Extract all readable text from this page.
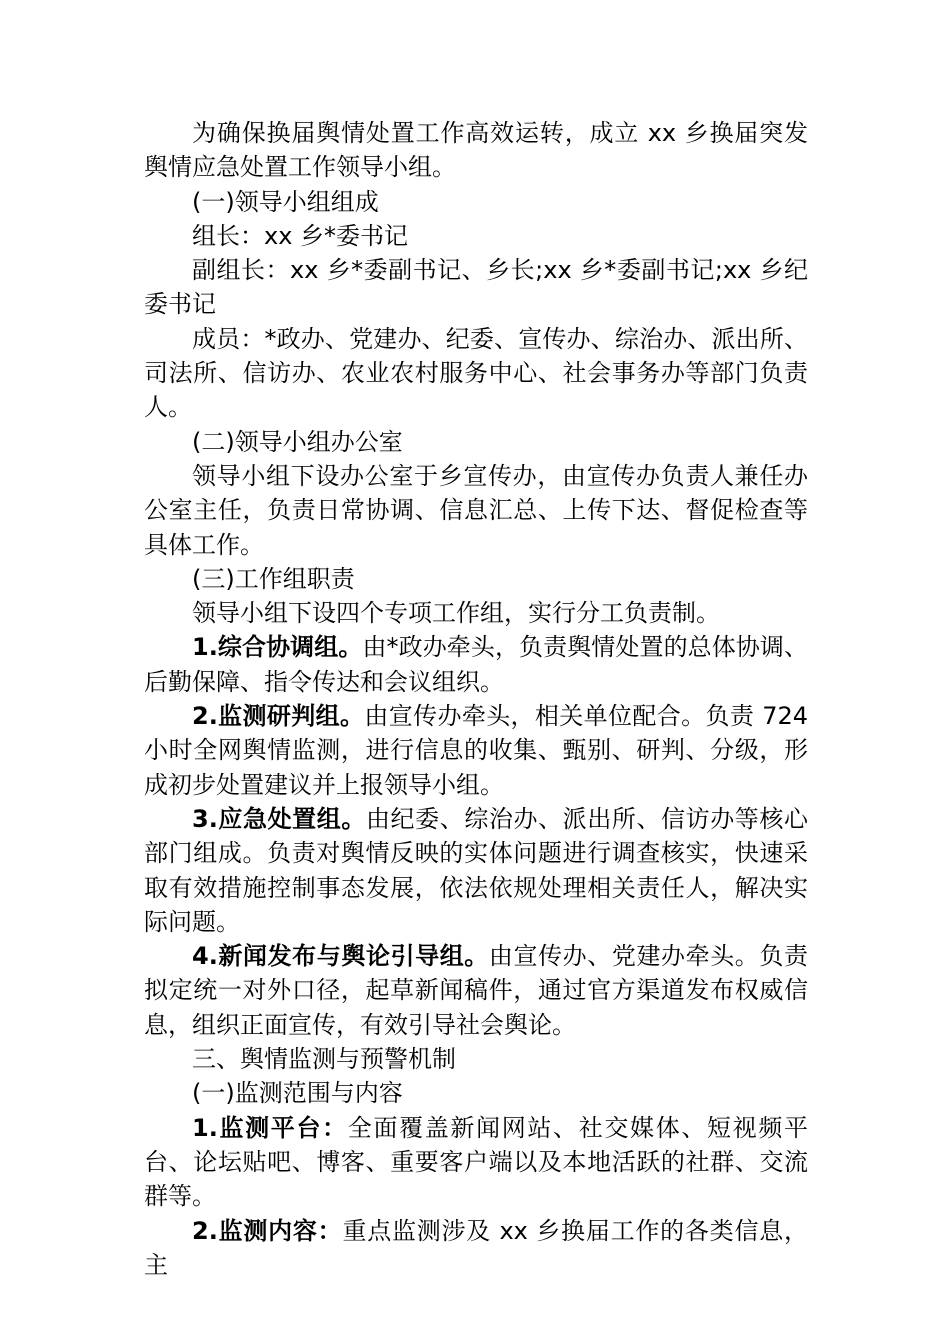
为确保换届舆情处置工作高效运转，成立 xx 乡换届突发舆情应急处置工作领导小组。

(一)领导小组组成

组长：xx 乡*委书记

副组长：xx 乡*委副书记、乡长;xx 乡*委副书记;xx 乡纪委书记

成员：*政办、党建办、纪委、宣传办、综治办、派出所、司法所、信访办、农业农村服务中心、社会事务办等部门负责人。

(二)领导小组办公室

领导小组下设办公室于乡宣传办，由宣传办负责人兼任办公室主任，负责日常协调、信息汇总、上传下达、督促检查等具体工作。

(三)工作组职责

领导小组下设四个专项工作组，实行分工负责制。

1.综合协调组。由*政办牵头，负责舆情处置的总体协调、后勤保障、指令传达和会议组织。

2.监测研判组。由宣传办牵头，相关单位配合。负责 724 小时全网舆情监测，进行信息的收集、甄别、研判、分级，形成初步处置建议并上报领导小组。

3.应急处置组。由纪委、综治办、派出所、信访办等核心部门组成。负责对舆情反映的实体问题进行调查核实，快速采取有效措施控制事态发展，依法依规处理相关责任人，解决实际问题。

4.新闻发布与舆论引导组。由宣传办、党建办牵头。负责拟定统一对外口径，起草新闻稿件，通过官方渠道发布权威信息，组织正面宣传，有效引导社会舆论。

三、舆情监测与预警机制

(一)监测范围与内容

1.监测平台：全面覆盖新闻网站、社交媒体、短视频平台、论坛贴吧、博客、重要客户端以及本地活跃的社群、交流群等。

2.监测内容：重点监测涉及 xx 乡换届工作的各类信息，主
